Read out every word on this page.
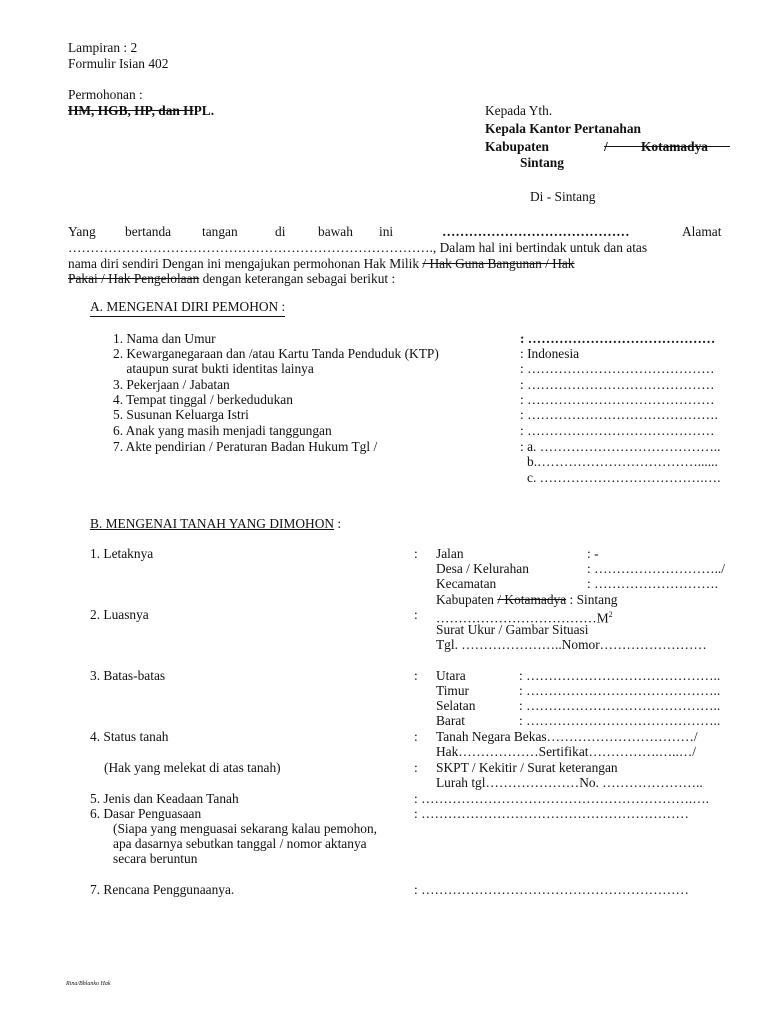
Lampiran : 2
Formulir Isian 402
Permohonan :
HM, HGB, HP, dan HPL.	Kepada Yth.
Kepala Kantor Pertanahan
Kabupaten	/ Kotamadya
Sintang
Di - Sintang
Yang bertanda tangan	di bawah ini	……………………………………	Alamat
………………………………………………………………………., Dalam hal ini bertindak untuk dan atas
nama diri sendiri Dengan ini mengajukan permohonan Hak Milik / Hak Guna Bangunan / Hak
Pakai / Hak Pengelolaan dengan keterangan sebagai berikut :
A. MENGENAI DIRI PEMOHON :
1. Nama dan Umur	: ……………………………………
2. Kewarganegaraan dan /atau Kartu Tanda Penduduk (KTP)	: Indonesia
ataupun surat bukti identitas lainya	: ……………………………………
3. Pekerjaan / Jabatan	: ……………………………………
4. Tempat tinggal / berkedudukan	: ……………………………………
5. Susunan Keluarga Istri	: …………………………………….
6. Anak yang masih menjadi tanggungan	: ……………………………………
7. Akte pendirian / Peraturan Badan Hukum Tgl /	: a. …………………………………..
b.………………………………......
c. ……………………………….….
B. MENGENAI TANAH YANG DIMOHON :
1. Letaknya	: Jalan	: -
Desa / Kelurahan	: ………………………../
Kecamatan	: ……………………….
Kabupaten / Kotamadya : Sintang
2. Luasnya	: $\dots\dots\dots\dots\dots\dots\dots\dots\dots\dots\dots\dots M^2$
Surat Ukur / Gambar Situasi
Tgl. …………………..Nomor……………………
3. Batas-batas	: Utara	: ……………………………………..
Timur	: ……………………………………..
Selatan	: ……………………………………..
Barat	: ……………………………………..
4. Status tanah	: Tanah Negara Bekas……………………………/
Hak………………Sertifikat…………….…..…/
(Hak yang melekat di atas tanah)	: SKPT / Kekitir / Surat keterangan
Lurah tgl…………………No. …………………..
5. Jenis dan Keadaan Tanah	: …………………………………………………….….
6. Dasar Penguasaan	: ……………………………………………………
(Siapa yang menguasai sekarang kalau pemohon,
apa dasarnya sebutkan tanggal / nomor aktanya
secara beruntun
7. Rencana Penggunaanya.	: ……………………………………………………
Rina/Bblanko Hak
